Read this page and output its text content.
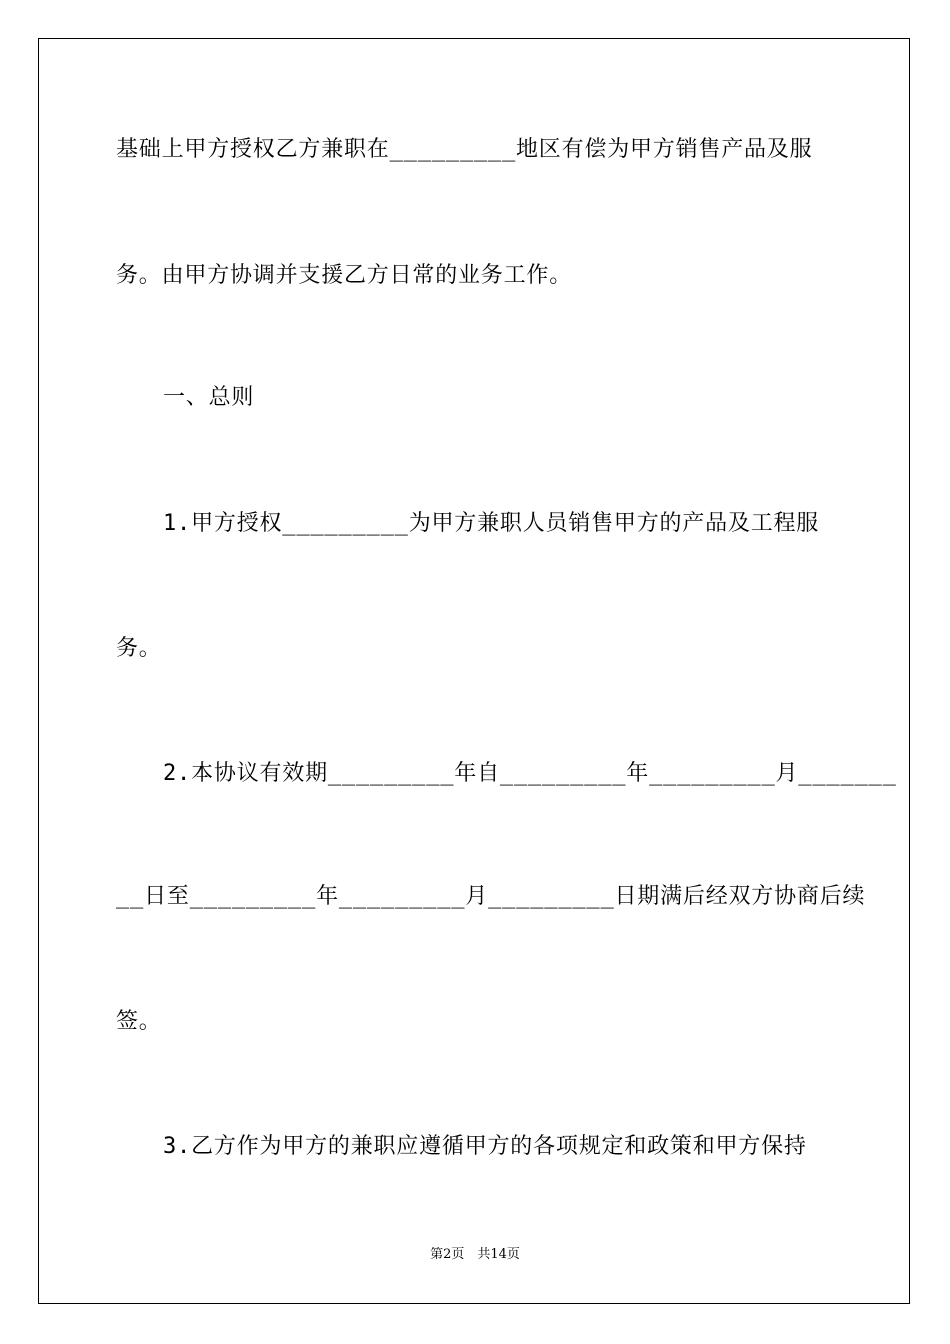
基础上甲方授权乙方兼职在_________地区有偿为甲方销售产品及服
务。由甲方协调并支援乙方日常的业务工作。
一、总则
1.甲方授权_________为甲方兼职人员销售甲方的产品及工程服
务。
2.本协议有效期_________年自_________年_________月_______
__日至_________年_________月_________日期满后经双方协商后续
签。
3.乙方作为甲方的兼职应遵循甲方的各项规定和政策和甲方保持
第2页　共14页
